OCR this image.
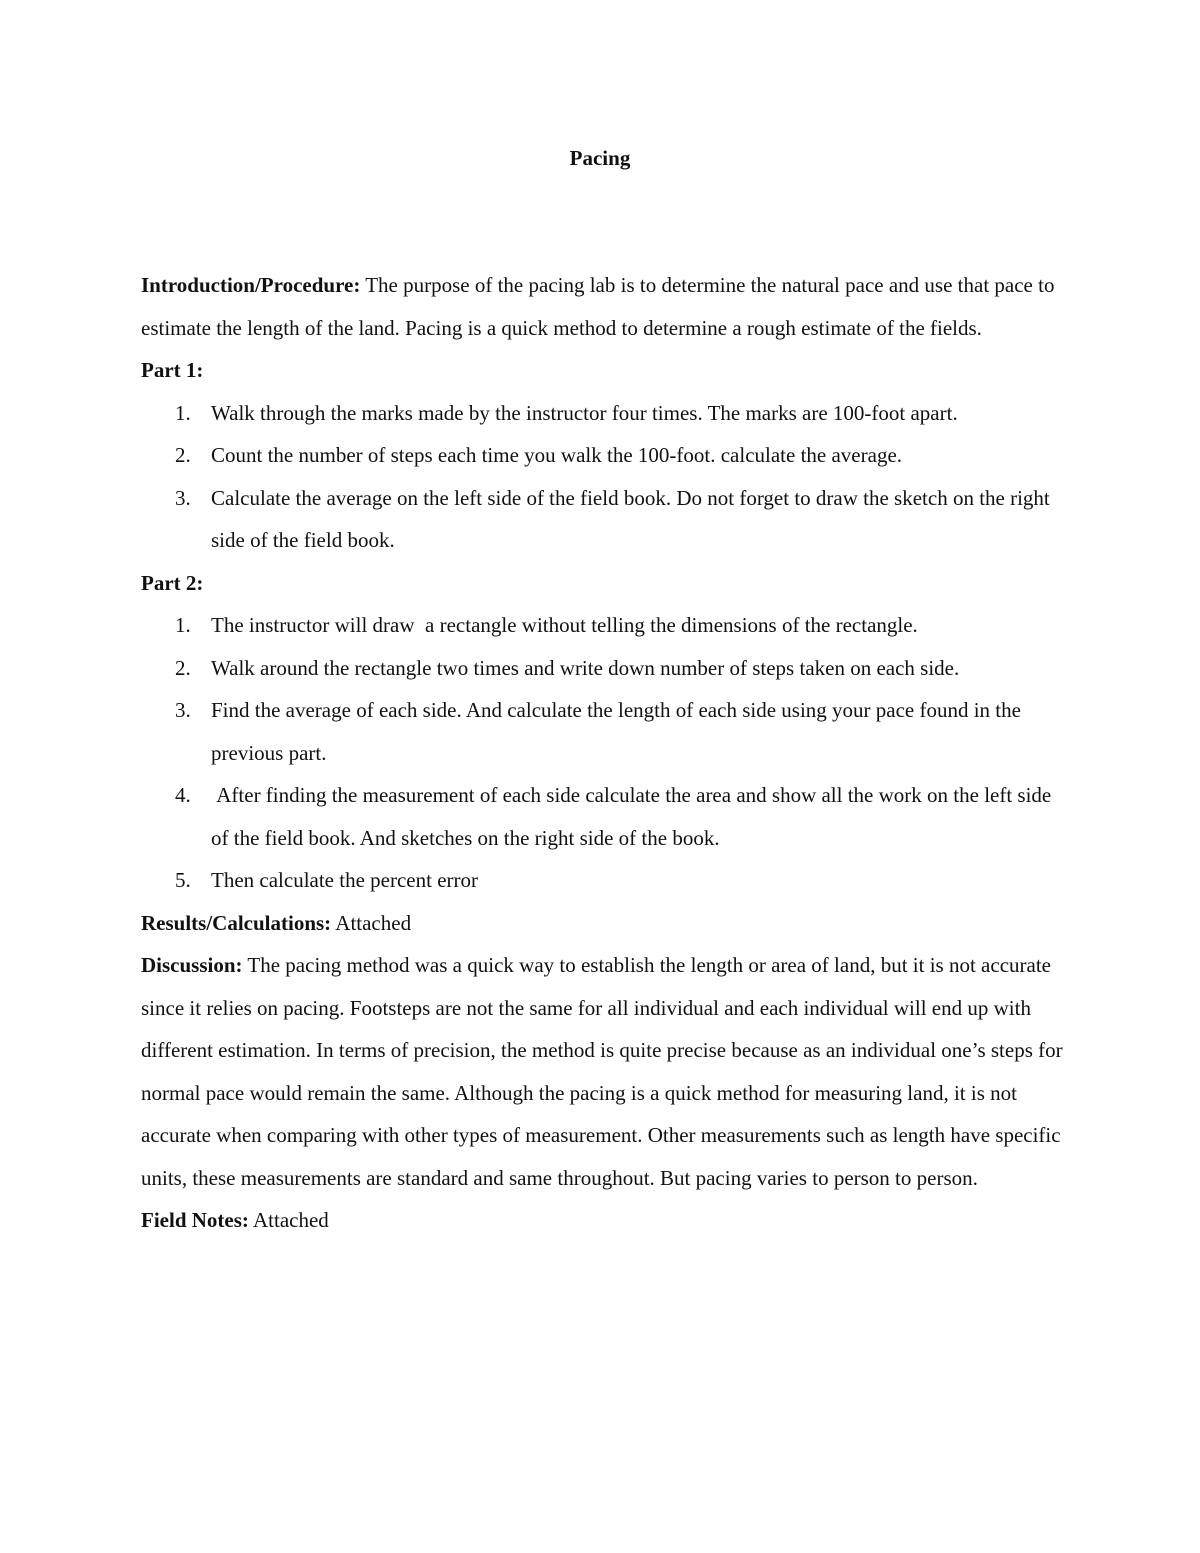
Pacing

Introduction/Procedure: The purpose of the pacing lab is to determine the natural pace and use that pace to estimate the length of the land. Pacing is a quick method to determine a rough estimate of the fields.

Part 1:

1. Walk through the marks made by the instructor four times. The marks are 100-foot apart.
2. Count the number of steps each time you walk the 100-foot. calculate the average.
3. Calculate the average on the left side of the field book. Do not forget to draw the sketch on the right side of the field book.

Part 2:

1. The instructor will draw  a rectangle without telling the dimensions of the rectangle.
2. Walk around the rectangle two times and write down number of steps taken on each side.
3. Find the average of each side. And calculate the length of each side using your pace found in the previous part.
4. After finding the measurement of each side calculate the area and show all the work on the left side of the field book. And sketches on the right side of the book.
5. Then calculate the percent error

Results/Calculations: Attached

Discussion: The pacing method was a quick way to establish the length or area of land, but it is not accurate since it relies on pacing. Footsteps are not the same for all individual and each individual will end up with different estimation. In terms of precision, the method is quite precise because as an individual one’s steps for normal pace would remain the same. Although the pacing is a quick method for measuring land, it is not accurate when comparing with other types of measurement. Other measurements such as length have specific units, these measurements are standard and same throughout. But pacing varies to person to person.

Field Notes: Attached
